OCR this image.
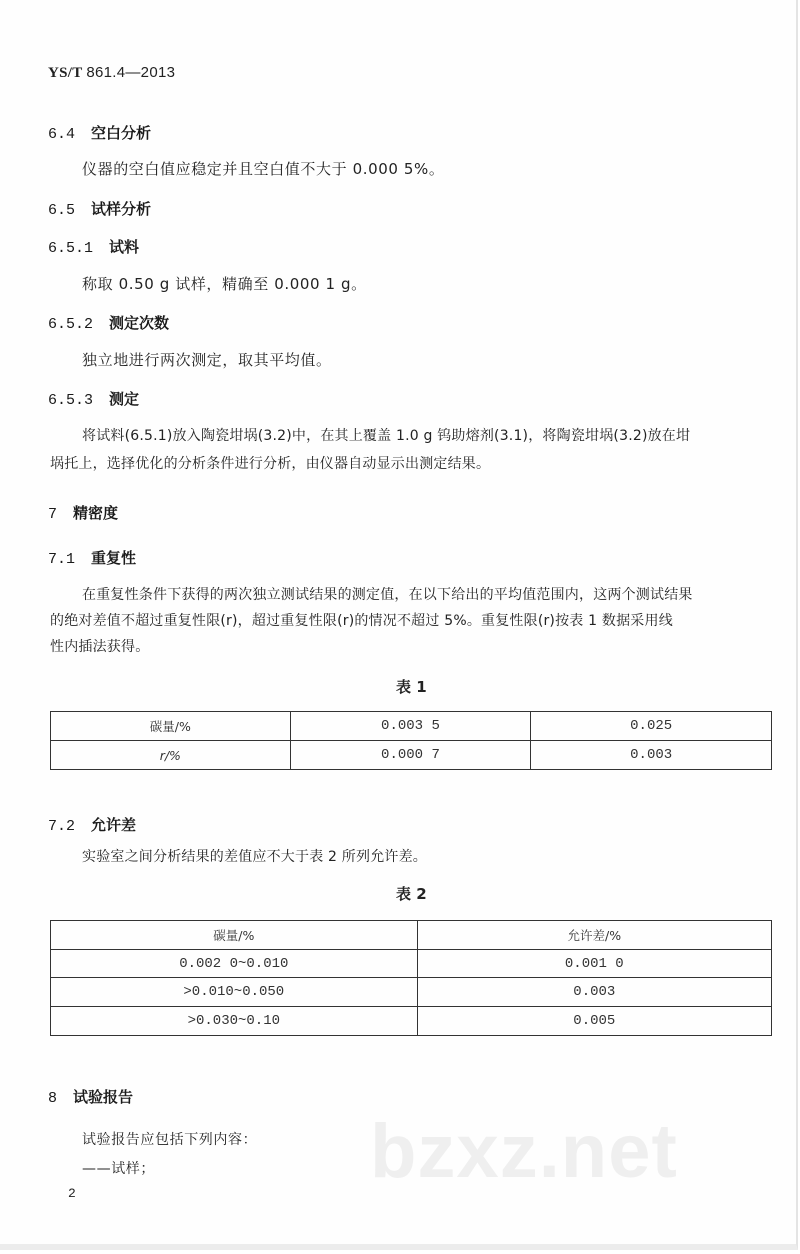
YS/T 861.4—2013
6.4 空白分析
仪器的空白值应稳定并且空白值不大于 0.000 5%。
6.5 试样分析
6.5.1 试料
称取 0.50 g 试样，精确至 0.000 1 g。
6.5.2 测定次数
独立地进行两次测定，取其平均值。
6.5.3 测定
将试料(6.5.1)放入陶瓷坩埚(3.2)中，在其上覆盖 1.0 g 钨助熔剂(3.1)，将陶瓷坩埚(3.2)放在坩
埚托上，选择优化的分析条件进行分析，由仪器自动显示出测定结果。
7 精密度
7.1 重复性
在重复性条件下获得的两次独立测试结果的测定值，在以下给出的平均值范围内，这两个测试结果
的绝对差值不超过重复性限(r)，超过重复性限(r)的情况不超过 5%。重复性限(r)按表 1 数据采用线
性内插法获得。
表 1
碳量/%	0.003 5	0.025
r/%	0.000 7	0.003
7.2 允许差
实验室之间分析结果的差值应不大于表 2 所列允许差。
表 2
碳量/%	允许差/%
0.002 0~0.010	0.001 0
>0.010~0.050	0.003
>0.030~0.10	0.005
8 试验报告
bzxz.net
试验报告应包括下列内容：
——试样；
2
